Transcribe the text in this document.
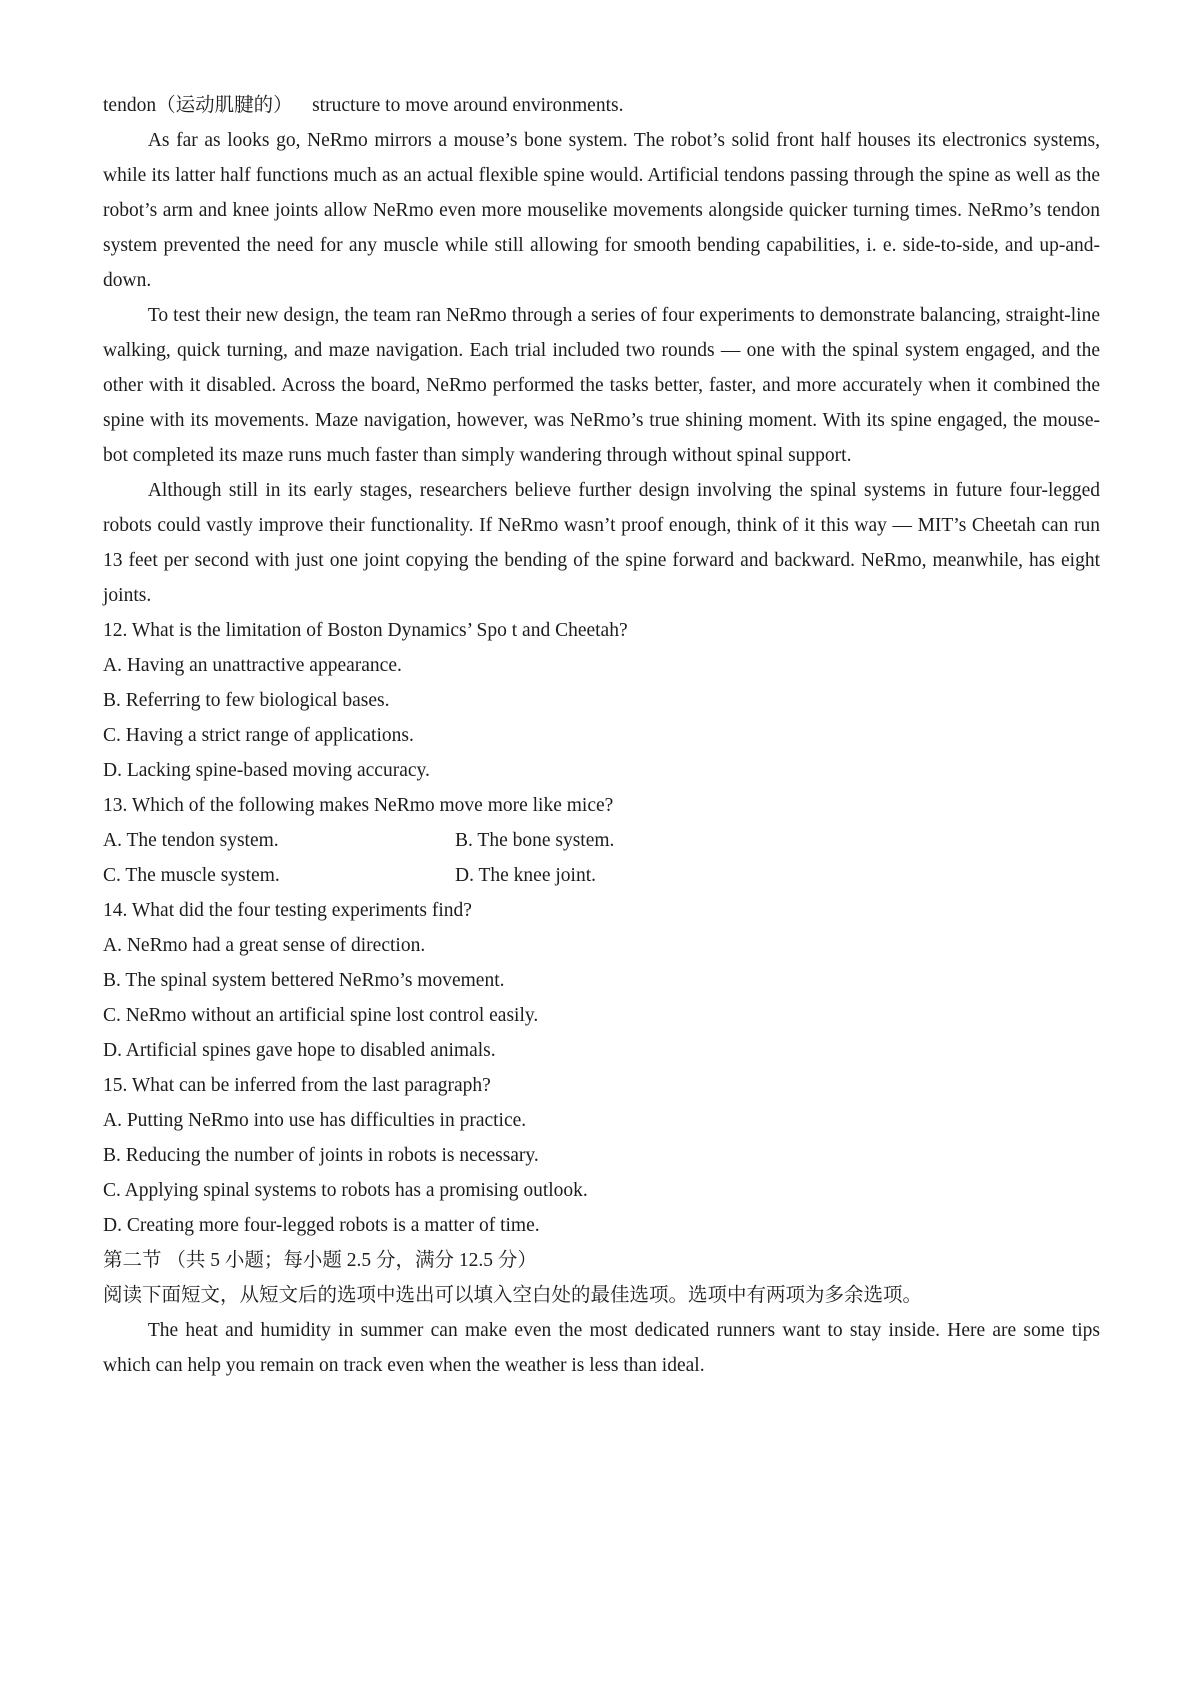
tendon（运动肌腱的）    structure to move around environments.

As far as looks go, NeRmo mirrors a mouse’s bone system. The robot’s solid front half houses its electronics systems, while its latter half functions much as an actual flexible spine would. Artificial tendons passing through the spine as well as the robot’s arm and knee joints allow NeRmo even more mouselike movements alongside quicker turning times. NeRmo’s tendon system prevented the need for any muscle while still allowing for smooth bending capabilities, i. e. side-to-side, and up-and-down.

To test their new design, the team ran NeRmo through a series of four experiments to demonstrate balancing, straight-line walking, quick turning, and maze navigation. Each trial included two rounds — one with the spinal system engaged, and the other with it disabled. Across the board, NeRmo performed the tasks better, faster, and more accurately when it combined the spine with its movements. Maze navigation, however, was NeRmo’s true shining moment. With its spine engaged, the mouse-bot completed its maze runs much faster than simply wandering through without spinal support.

Although still in its early stages, researchers believe further design involving the spinal systems in future four-legged robots could vastly improve their functionality. If NeRmo wasn’t proof enough, think of it this way — MIT’s Cheetah can run 13 feet per second with just one joint copying the bending of the spine forward and backward. NeRmo, meanwhile, has eight joints.

12. What is the limitation of Boston Dynamics’ Spo t and Cheetah?

A. Having an unattractive appearance.

B. Referring to few biological bases.

C. Having a strict range of applications.

D. Lacking spine-based moving accuracy.

13. Which of the following makes NeRmo move more like mice?

A. The tendon system.	B. The bone system.

C. The muscle system.	D. The knee joint.

14. What did the four testing experiments find?

A. NeRmo had a great sense of direction.

B. The spinal system bettered NeRmo’s movement.

C. NeRmo without an artificial spine lost control easily.

D. Artificial spines gave hope to disabled animals.

15. What can be inferred from the last paragraph?

A. Putting NeRmo into use has difficulties in practice.

B. Reducing the number of joints in robots is necessary.

C. Applying spinal systems to robots has a promising outlook.

D. Creating more four-legged robots is a matter of time.

第二节 （共 5 小题；每小题 2.5 分，满分 12.5 分）

阅读下面短文，从短文后的选项中选出可以填入空白处的最佳选项。选项中有两项为多余选项。

The heat and humidity in summer can make even the most dedicated runners want to stay inside. Here are some tips which can help you remain on track even when the weather is less than ideal.
